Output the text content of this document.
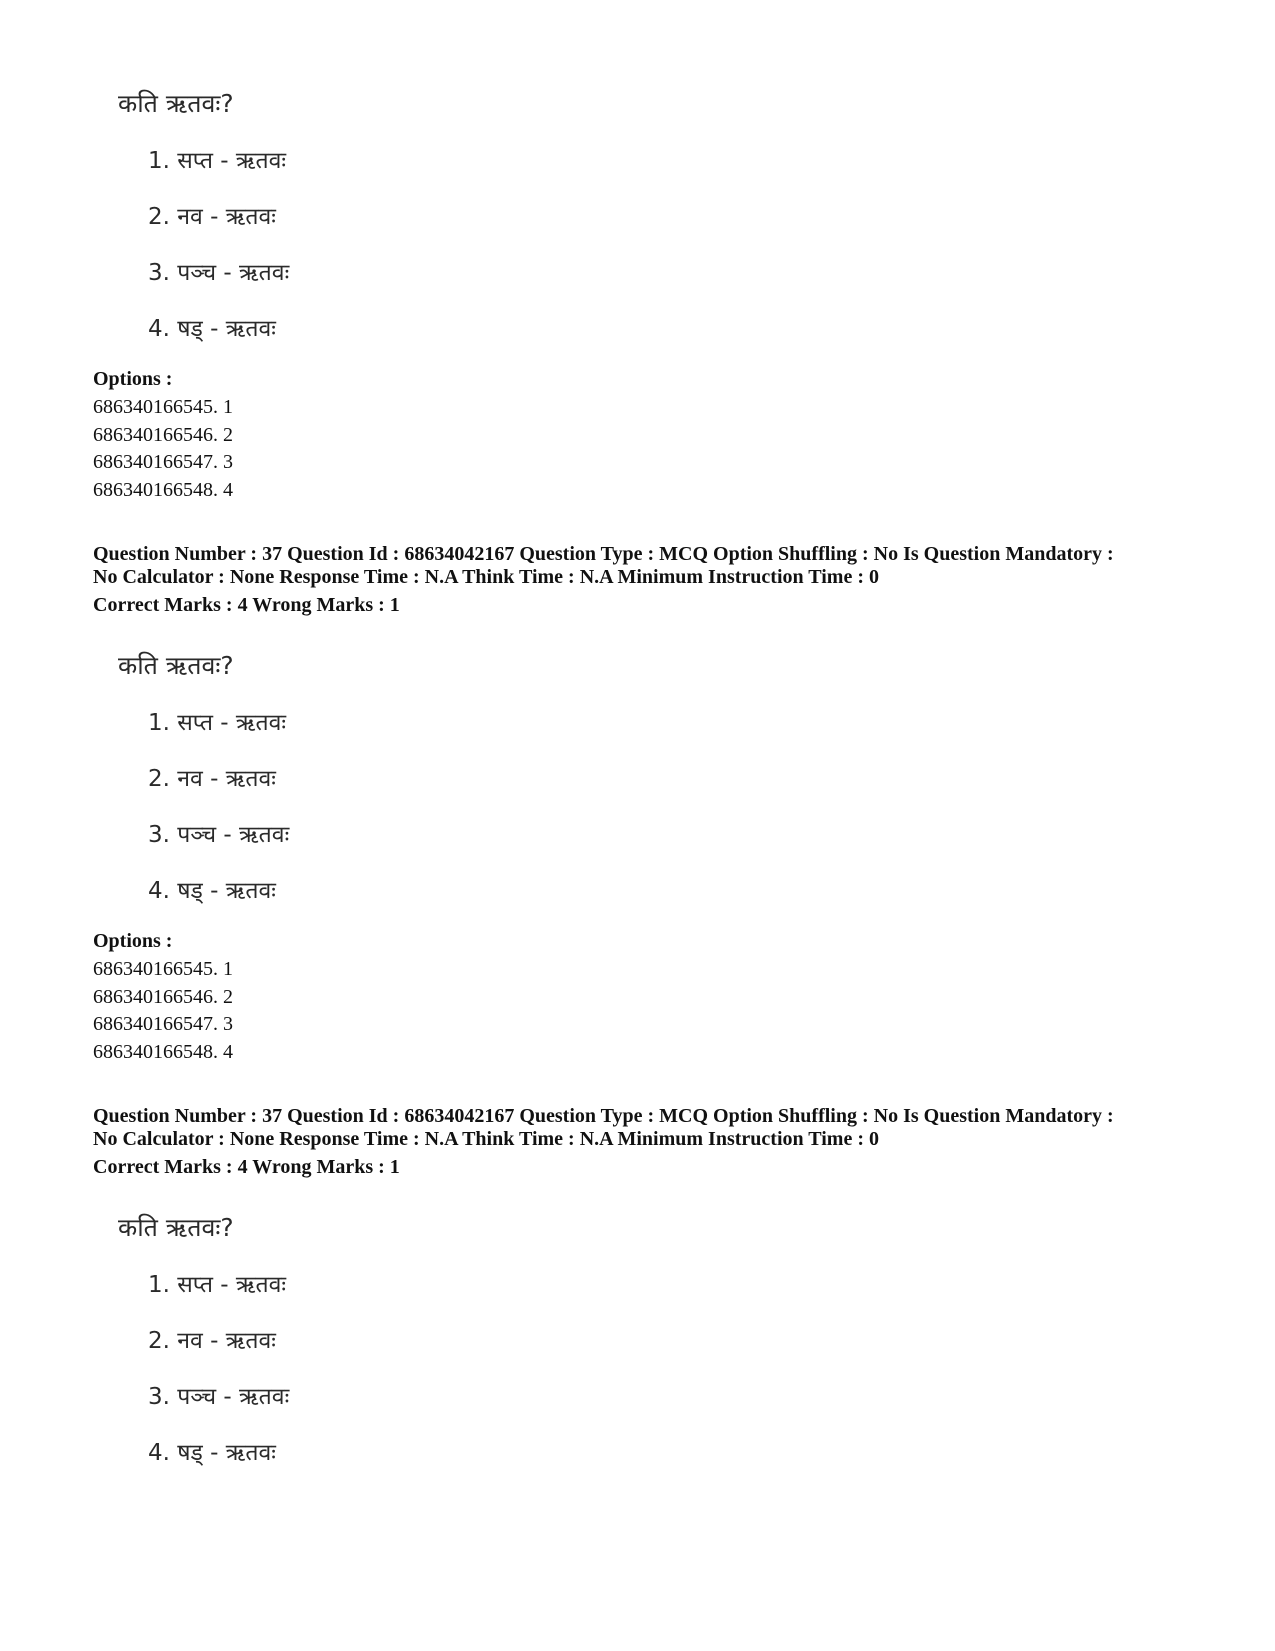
कति ऋतवः?
1. सप्त - ऋतवः
2. नव - ऋतवः
3. पञ्च - ऋतवः
4. षड् - ऋतवः
Options :
686340166545. 1
686340166546. 2
686340166547. 3
686340166548. 4
Question Number : 37 Question Id : 68634042167 Question Type : MCQ Option Shuffling : No Is Question Mandatory :
No Calculator : None Response Time : N.A Think Time : N.A Minimum Instruction Time : 0
Correct Marks : 4 Wrong Marks : 1
कति ऋतवः?
1. सप्त - ऋतवः
2. नव - ऋतवः
3. पञ्च - ऋतवः
4. षड् - ऋतवः
Options :
686340166545. 1
686340166546. 2
686340166547. 3
686340166548. 4
Question Number : 37 Question Id : 68634042167 Question Type : MCQ Option Shuffling : No Is Question Mandatory :
No Calculator : None Response Time : N.A Think Time : N.A Minimum Instruction Time : 0
Correct Marks : 4 Wrong Marks : 1
कति ऋतवः?
1. सप्त - ऋतवः
2. नव - ऋतवः
3. पञ्च - ऋतवः
4. षड् - ऋतवः
